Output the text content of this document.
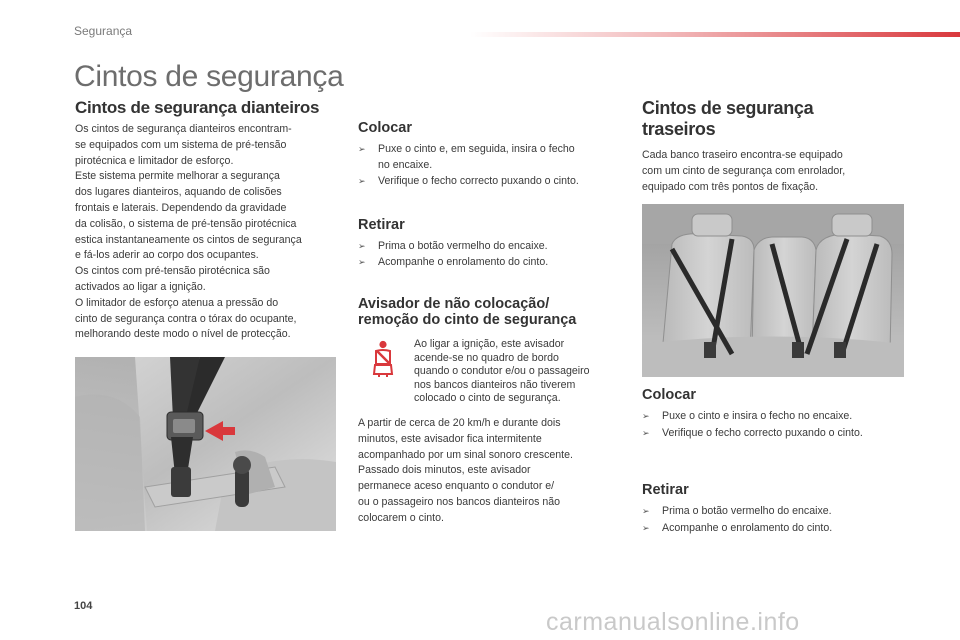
Segurança
Cintos de segurança
Cintos de segurança dianteiros

Os cintos de segurança dianteiros encontram-

se equipados com um sistema de pré-tensão

pirotécnica e limitador de esforço.

Este sistema permite melhorar a segurança

dos lugares dianteiros, aquando de colisões

frontais e laterais. Dependendo da gravidade

da colisão, o sistema de pré-tensão pirotécnica

estica instantaneamente os cintos de segurança

e fá-los aderir ao corpo dos ocupantes.

Os cintos com pré-tensão pirotécnica são

activados ao ligar a ignição.

O limitador de esforço atenua a pressão do

cinto de segurança contra o tórax do ocupante,

melhorando deste modo o nível de protecção.

Colocar
➢ Puxe o cinto e, em seguida, insira o fecho
no encaixe.
➢ Verifique o fecho correcto puxando o cinto.
Retirar
➢ Prima o botão vermelho do encaixe.
➢ Acompanhe o enrolamento do cinto.
Avisador de não colocação/
remoção do cinto de segurança

Ao ligar a ignição, este avisador

acende-se no quadro de bordo

quando o condutor e/ou o passageiro

nos bancos dianteiros não tiverem

colocado o cinto de segurança.

A partir de cerca de 20 km/h e durante dois

minutos, este avisador fica intermitente

acompanhado por um sinal sonoro crescente.

Passado dois minutos, este avisador

permanece aceso enquanto o condutor e/

ou o passageiro nos bancos dianteiros não

colocarem o cinto.

Cintos de segurança
traseiros

Cada banco traseiro encontra-se equipado

com um cinto de segurança com enrolador,

equipado com três pontos de fixação.

Colocar
➢ Puxe o cinto e insira o fecho no encaixe.
➢ Verifique o fecho correcto puxando o cinto.
Retirar
➢ Prima o botão vermelho do encaixe.
➢ Acompanhe o enrolamento do cinto.
104
carmanualsonline.info
